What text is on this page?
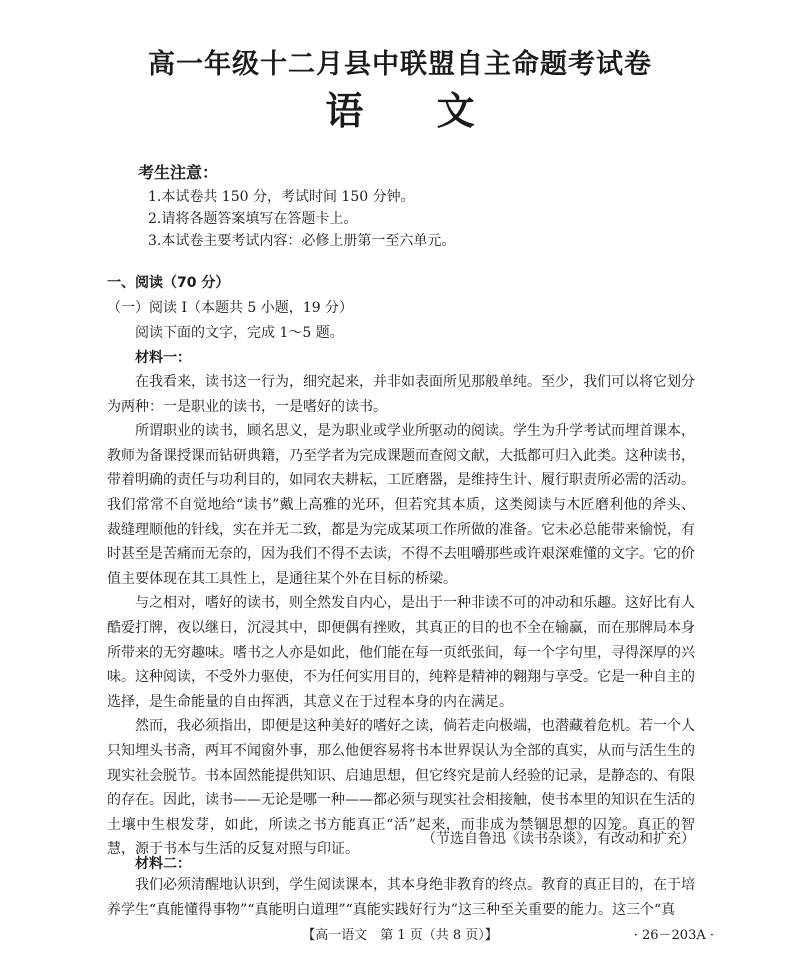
高一年级十二月县中联盟自主命题考试卷
语 文
考生注意：
1.本试卷共 150 分，考试时间 150 分钟。
2.请将各题答案填写在答题卡上。
3.本试卷主要考试内容：必修上册第一至六单元。
一、阅读（70 分）
（一）阅读 Ⅰ（本题共 5 小题，19 分）
阅读下面的文字，完成 1～5 题。
材料一：

在我看来，读书这一行为，细究起来，并非如表面所见那般单纯。至少，我们可以将它划分为两种：一是职业的读书，一是嗜好的读书。

所谓职业的读书，顾名思义，是为职业或学业所驱动的阅读。学生为升学考试而埋首课本，教师为备课授课而钻研典籍，乃至学者为完成课题而查阅文献，大抵都可归入此类。这种读书，带着明确的责任与功利目的，如同农夫耕耘，工匠磨器，是维持生计、履行职责所必需的活动。我们常常不自觉地给“读书”戴上高雅的光环，但若究其本质，这类阅读与木匠磨利他的斧头、裁缝理顺他的针线，实在并无二致，都是为完成某项工作所做的准备。它未必总能带来愉悦，有时甚至是苦痛而无奈的，因为我们不得不去读，不得不去咀嚼那些或许艰深难懂的文字。它的价值主要体现在其工具性上，是通往某个外在目标的桥梁。

与之相对，嗜好的读书，则全然发自内心，是出于一种非读不可的冲动和乐趣。这好比有人酷爱打牌，夜以继日，沉浸其中，即便偶有挫败，其真正的目的也不全在输赢，而在那牌局本身所带来的无穷趣味。嗜书之人亦是如此，他们能在每一页纸张间，每一个字句里，寻得深厚的兴味。这种阅读，不受外力驱使，不为任何实用目的，纯粹是精神的翱翔与享受。它是一种自主的选择，是生命能量的自由挥洒，其意义在于过程本身的内在满足。

然而，我必须指出，即便是这种美好的嗜好之读，倘若走向极端，也潜藏着危机。若一个人只知埋头书斋，两耳不闻窗外事，那么他便容易将书本世界误认为全部的真实，从而与活生生的现实社会脱节。书本固然能提供知识、启迪思想，但它终究是前人经验的记录，是静态的、有限的存在。因此，读书——无论是哪一种——都必须与现实社会相接触，使书本里的知识在生活的土壤中生根发芽，如此，所读之书方能真正“活”起来，而非成为禁锢思想的囚笼。真正的智慧，源于书本与生活的反复对照与印证。

（节选自鲁迅《读书杂谈》，有改动和扩充）
材料二：

我们必须清醒地认识到，学生阅读课本，其本身绝非教育的终点。教育的真正目的，在于培养学生“真能懂得事物”“真能明白道理”“真能实践好行为”这三种至关重要的能力。这三个“真

【高一语文　第 1 页（共 8 页）】	· 26－203A ·
